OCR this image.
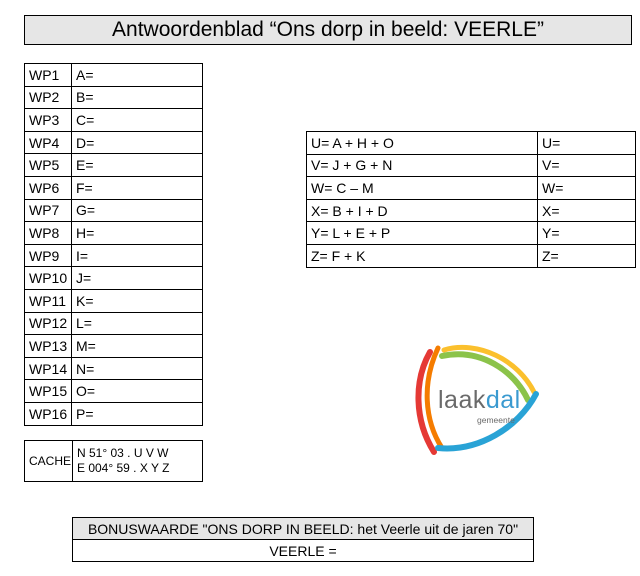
Antwoordenblad “Ons dorp in beeld: VEERLE”
WP1	A=
WP2	B=
WP3	C=
WP4	D=
WP5	E=
WP6	F=
WP7	G=
WP8	H=
WP9	I=
WP10	J=
WP11	K=
WP12	L=
WP13	M=
WP14	N=
WP15	O=
WP16	P=
U= A + H + O	U=
V= J + G + N	V=
W= C – M	W=
X= B + I + D	X=
Y= L + E + P	Y=
Z= F + K	Z=
CACHE	
N 51° 03 . U V W
E 004° 59 . X Y Z
laakdal
gemeente
BONUSWAARDE "ONS DORP IN BEELD: het Veerle uit de jaren 70"
VEERLE =
